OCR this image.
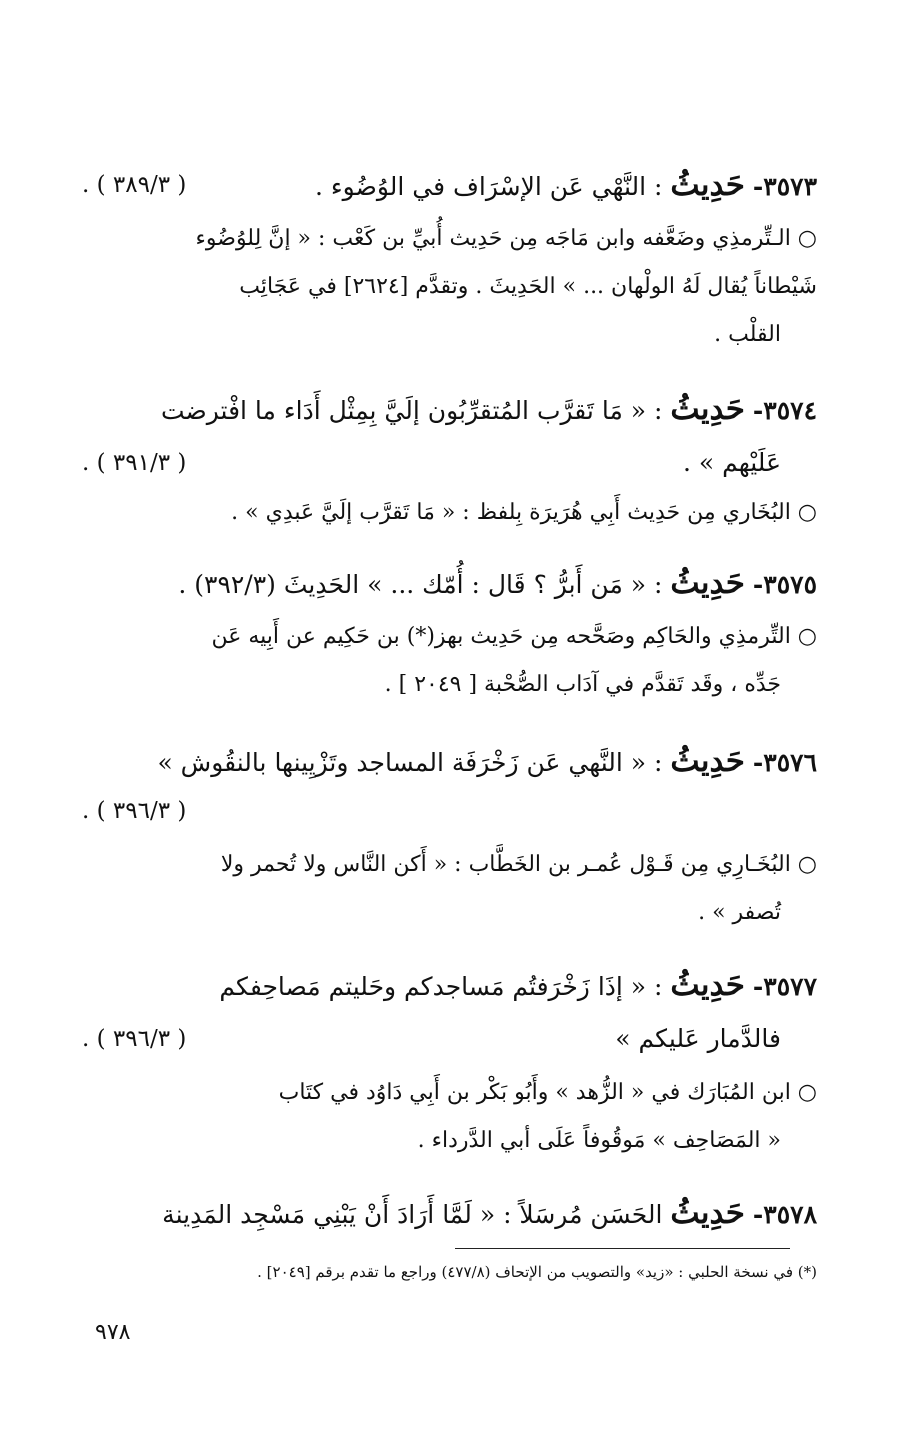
٣٥٧٣- حَدِيثُ : النَّهْي عَن الإسْرَاف في الوُضُوء .
( ٣٨٩/٣ ) .
○ الـتِّرمذِي وضَعَّفه وابن مَاجَه مِن حَدِيث أُبيِّ بن كَعْب : « إنَّ لِلوُضُوء
شَيْطاناً يُقال لَهُ الولْهان ... » الحَدِيثَ . وتقدَّم [٢٦٢٤] في عَجَائِب
القلْب .
٣٥٧٤- حَدِيثُ : « مَا تَقرَّب المُتقرِّبُون إلَيَّ بِمِثْل أَدَاء ما افْترضت
عَلَيْهم » .
( ٣٩١/٣ ) .
○ البُخَاري مِن حَدِيث أَبِي هُرَيرَة بِلفظ : « مَا تَقرَّب إلَيَّ عَبدِي » .
٣٥٧٥- حَدِيثُ : « مَن أَبرُّ ؟ قَال : أُمّك ... » الحَدِيثَ (٣٩٢/٣) .
○ التِّرمذِي والحَاكِم وصَحَّحه مِن حَدِيث بهز(*) بن حَكِيم عن أَبِيه عَن
جَدِّه ، وقَد تَقدَّم في آدَاب الصُّحْبة [ ٢٠٤٩ ] .
٣٥٧٦- حَدِيثُ : « النَّهي عَن زَخْرَفَة المساجد وتَزْيِينها بالنقُوش »
( ٣٩٦/٣ ) .
○ البُخَـارِي مِن قَـوْل عُمـر بن الخَطَّاب : « أَكن النَّاس ولا تُحمر ولا
تُصفر » .
٣٥٧٧- حَدِيثُ : « إذَا زَخْرَفتُم مَساجدكم وحَليتم مَصاحِفكم
فالدَّمار عَليكم »
( ٣٩٦/٣ ) .
○ ابن المُبَارَك في « الزُّهد » وأَبُو بَكْر بن أَبِي دَاوُد في كتَاب
« المَصَاحِف » مَوقُوفاً عَلَى أبي الدَّرداء .
٣٥٧٨- حَدِيثُ الحَسَن مُرسَلاً : « لَمَّا أَرَادَ أَنْ يَبْنِي مَسْجِد المَدِينة
(*) في نسخة الحلبي : «زيد» والتصويب من الإتحاف (٤٧٧/٨) وراجع ما تقدم برقم [٢٠٤٩] .
٩٧٨
